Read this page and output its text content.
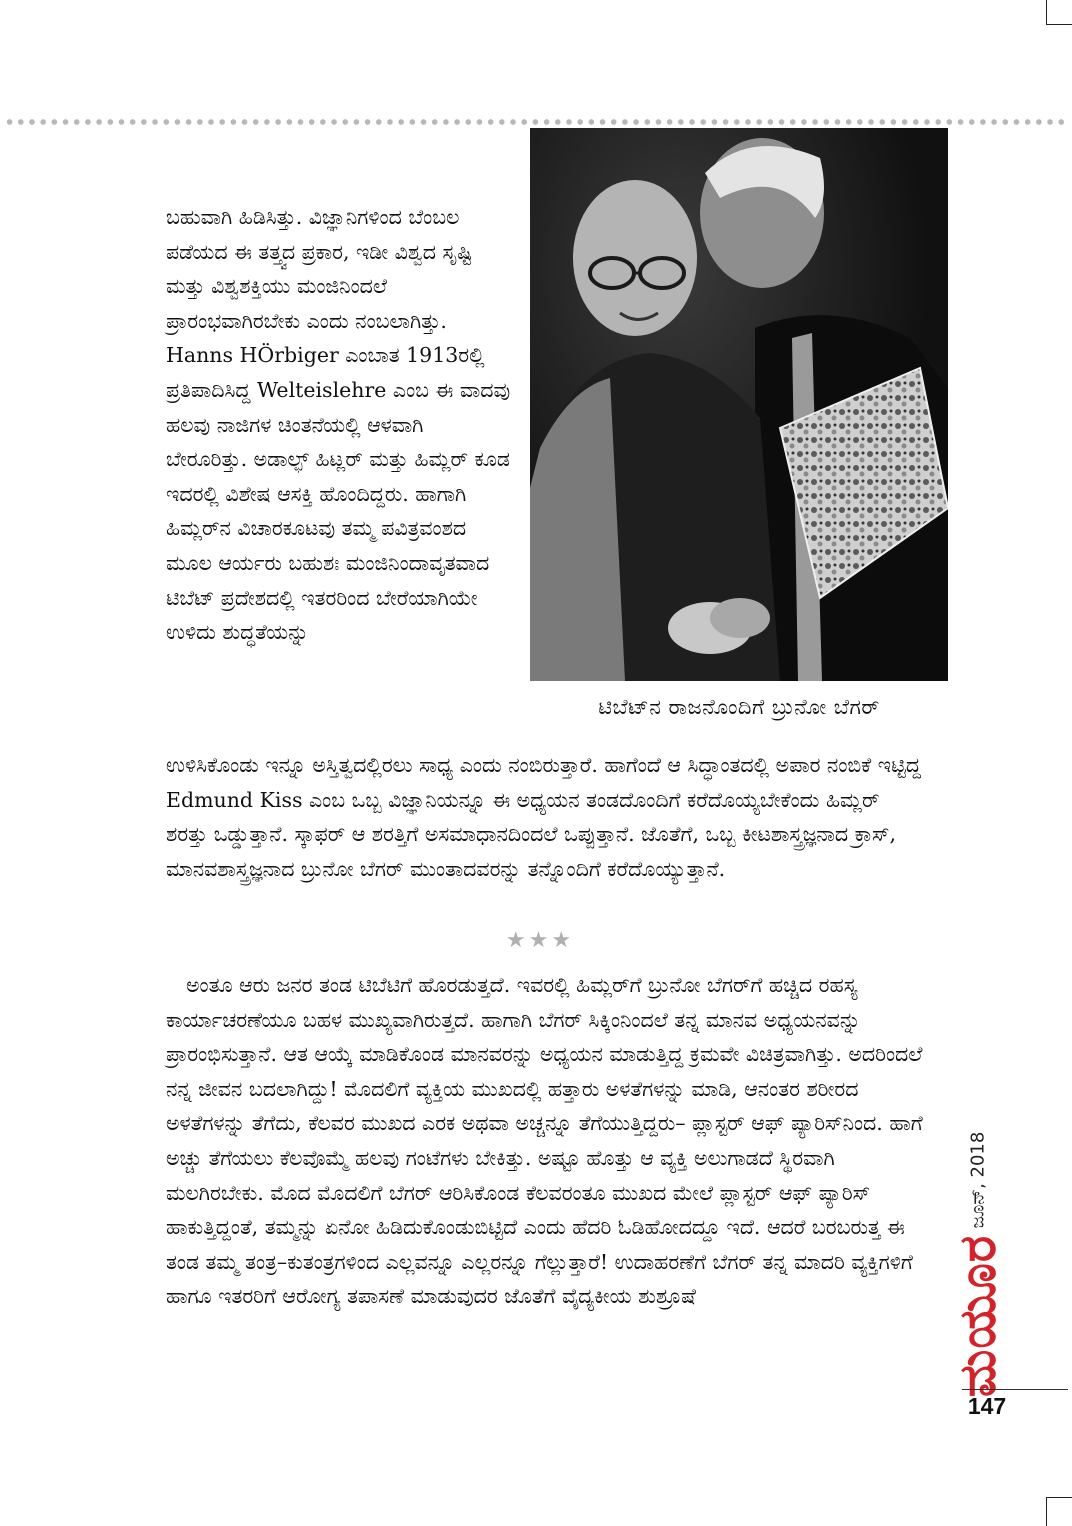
ಟಿಬೆಟ್‌ನ ರಾಜನೊಂದಿಗೆ ಬ್ರುನೋ ಬೆಗರ್

ಬಹುವಾಗಿ ಹಿಡಿಸಿತ್ತು. ವಿಜ್ಞಾನಿಗಳಿಂದ ಬೆಂಬಲ ಪಡೆಯದ ಈ ತತ್ತ್ವದ ಪ್ರಕಾರ, ಇಡೀ ವಿಶ್ವದ ಸೃಷ್ಟಿ ಮತ್ತು ವಿಶ್ವಶಕ್ತಿಯು ಮಂಜಿನಿಂದಲೆ ಪ್ರಾರಂಭವಾಗಿರಬೇಕು ಎಂದು ನಂಬಲಾಗಿತ್ತು. Hanns HÖrbiger ಎಂಬಾತ 1913ರಲ್ಲಿ ಪ್ರತಿಪಾದಿಸಿದ್ದ Welteislehre ಎಂಬ ಈ ವಾದವು ಹಲವು ನಾಜಿಗಳ ಚಿಂತನೆಯಲ್ಲಿ ಆಳವಾಗಿ ಬೇರೂರಿತ್ತು. ಅಡಾಲ್ಫ್ ಹಿಟ್ಲರ್ ಮತ್ತು ಹಿಮ್ಲರ್ ಕೂಡ ಇದರಲ್ಲಿ ವಿಶೇಷ ಆಸಕ್ತಿ ಹೊಂದಿದ್ದರು. ಹಾಗಾಗಿ ಹಿಮ್ಲರ್‌ನ ವಿಚಾರಕೂಟವು ತಮ್ಮ ಪವಿತ್ರವಂಶದ ಮೂಲ ಆರ್ಯರು ಬಹುಶಃ ಮಂಜಿನಿಂದಾವೃತವಾದ ಟಿಬೆಟ್ ಪ್ರದೇಶದಲ್ಲಿ ಇತರರಿಂದ ಬೇರೆಯಾಗಿಯೇ ಉಳಿದು ಶುದ್ಧತೆಯನ್ನು

ಉಳಿಸಿಕೊಂಡು ಇನ್ನೂ ಅಸ್ತಿತ್ವದಲ್ಲಿರಲು ಸಾಧ್ಯ ಎಂದು ನಂಬಿರುತ್ತಾರೆ. ಹಾಗೆಂದೆ ಆ ಸಿದ್ಧಾಂತದಲ್ಲಿ ಅಪಾರ ನಂಬಿಕೆ ಇಟ್ಟಿದ್ದ Edmund Kiss ಎಂಬ ಒಬ್ಬ ವಿಜ್ಞಾನಿಯನ್ನೂ ಈ ಅಧ್ಯಯನ ತಂಡದೊಂದಿಗೆ ಕರೆದೊಯ್ಯಬೇಕೆಂದು ಹಿಮ್ಲರ್ ಶರತ್ತು ಒಡ್ಡುತ್ತಾನೆ. ಸ್ಕಾಫರ್ ಆ ಶರತ್ತಿಗೆ ಅಸಮಾಧಾನದಿಂದಲೆ ಒಪ್ಪುತ್ತಾನೆ. ಜೊತೆಗೆ, ಒಬ್ಬ ಕೀಟಶಾಸ್ತ್ರಜ್ಞನಾದ ಕ್ರಾಸ್, ಮಾನವಶಾಸ್ತ್ರಜ್ಞನಾದ ಬ್ರುನೋ ಬೆಗರ್ ಮುಂತಾದವರನ್ನು ತನ್ನೊಂದಿಗೆ ಕರೆದೊಯ್ಯುತ್ತಾನೆ.

★★★

ಅಂತೂ ಆರು ಜನರ ತಂಡ ಟಿಬೆಟಿಗೆ ಹೊರಡುತ್ತದೆ. ಇವರಲ್ಲಿ ಹಿಮ್ಲರ್‌ಗೆ ಬ್ರುನೋ ಬೆಗರ್‌ಗೆ ಹಚ್ಚಿದ ರಹಸ್ಯ ಕಾರ್ಯಾಚರಣೆಯೂ ಬಹಳ ಮುಖ್ಯವಾಗಿರುತ್ತದೆ. ಹಾಗಾಗಿ ಬೆಗರ್ ಸಿಕ್ಕಿಂನಿಂದಲೆ ತನ್ನ ಮಾನವ ಅಧ್ಯಯನವನ್ನು ಪ್ರಾರಂಭಿಸುತ್ತಾನೆ. ಆತ ಆಯ್ಕೆ ಮಾಡಿಕೊಂಡ ಮಾನವರನ್ನು ಅಧ್ಯಯನ ಮಾಡುತ್ತಿದ್ದ ಕ್ರಮವೇ ವಿಚಿತ್ರವಾಗಿತ್ತು. ಅದರಿಂದಲೆ ನನ್ನ ಜೀವನ ಬದಲಾಗಿದ್ದು! ಮೊದಲಿಗೆ ವ್ಯಕ್ತಿಯ ಮುಖದಲ್ಲಿ ಹತ್ತಾರು ಅಳತೆಗಳನ್ನು ಮಾಡಿ, ಆನಂತರ ಶರೀರದ ಅಳತೆಗಳನ್ನು ತೆಗೆದು, ಕೆಲವರ ಮುಖದ ಎರಕ ಅಥವಾ ಅಚ್ಚನ್ನೂ ತೆಗೆಯುತ್ತಿದ್ದರು– ಪ್ಲಾಸ್ಟರ್ ಆಫ್ ಪ್ಯಾರಿಸ್‌ನಿಂದ. ಹಾಗೆ ಅಚ್ಚು ತೆಗೆಯಲು ಕೆಲವೊಮ್ಮೆ ಹಲವು ಗಂಟೆಗಳು ಬೇಕಿತ್ತು. ಅಷ್ಟೂ ಹೊತ್ತು ಆ ವ್ಯಕ್ತಿ ಅಲುಗಾಡದೆ ಸ್ಥಿರವಾಗಿ ಮಲಗಿರಬೇಕು. ಮೊದ ಮೊದಲಿಗೆ ಬೆಗರ್ ಆರಿಸಿಕೊಂಡ ಕೆಲವರಂತೂ ಮುಖದ ಮೇಲೆ ಪ್ಲಾಸ್ಟರ್ ಆಫ್ ಪ್ಯಾರಿಸ್ ಹಾಕುತ್ತಿದ್ದಂತೆ, ತಮ್ಮನ್ನು ಏನೋ ಹಿಡಿದುಕೊಂಡುಬಿಟ್ಟಿದೆ ಎಂದು ಹೆದರಿ ಓಡಿಹೋದದ್ದೂ ಇದೆ. ಆದರೆ ಬರಬರುತ್ತ ಈ ತಂಡ ತಮ್ಮ ತಂತ್ರ–ಕುತಂತ್ರಗಳಿಂದ ಎಲ್ಲವನ್ನೂ ಎಲ್ಲರನ್ನೂ ಗೆಲ್ಲುತ್ತಾರೆ! ಉದಾಹರಣೆಗೆ ಬೆಗರ್ ತನ್ನ ಮಾದರಿ ವ್ಯಕ್ತಿಗಳಿಗೆ ಹಾಗೂ ಇತರರಿಗೆ ಆರೋಗ್ಯ ತಪಾಸಣೆ ಮಾಡುವುದರ ಜೊತೆಗೆ ವೈದ್ಯಕೀಯ ಶುಶ್ರೂಷೆ

ಜೂನ್, 2018
ಮಯೂರ
147
